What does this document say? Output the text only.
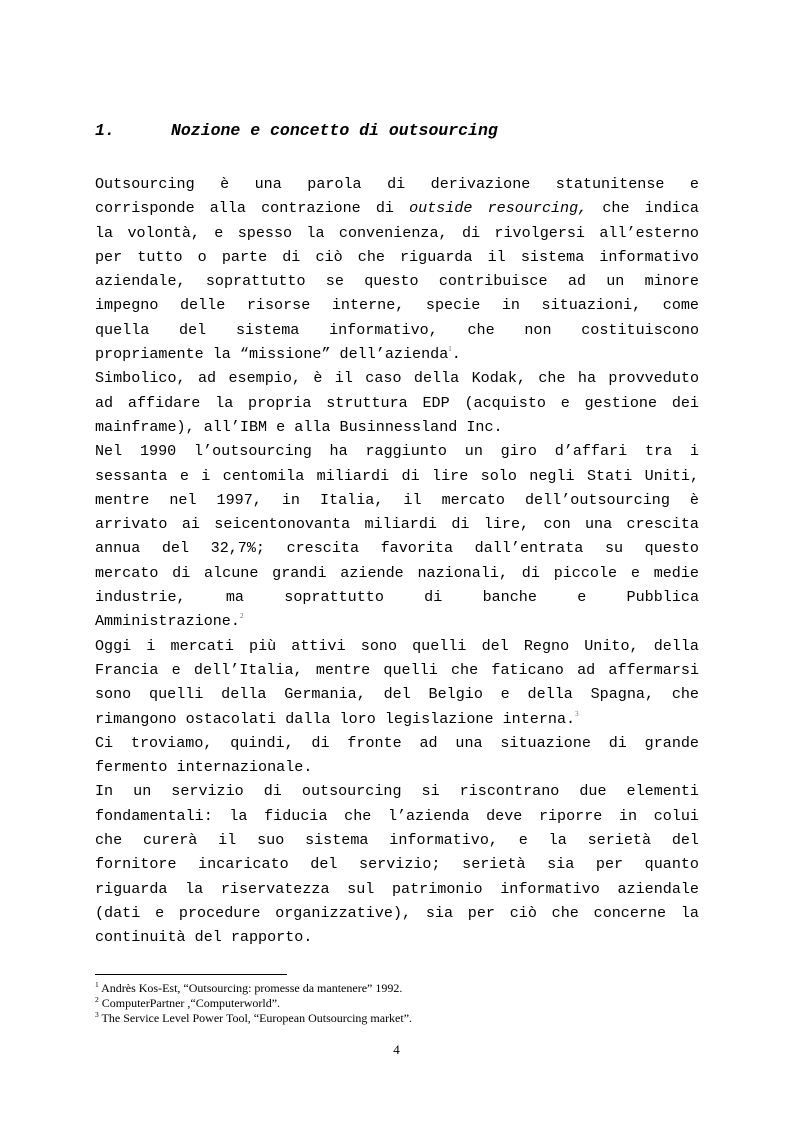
1.	Nozione e concetto di outsourcing
Outsourcing è una parola di derivazione statunitense e
corrisponde alla contrazione di outside resourcing, che indica
la volontà, e spesso la convenienza, di rivolgersi all’esterno
per tutto o parte di ciò che riguarda il sistema informativo
aziendale, soprattutto se questo contribuisce ad un minore
impegno delle risorse interne, specie in situazioni, come
quella del sistema informativo, che non costituiscono
propriamente la “missione” dell’azienda$^1$.
Simbolico, ad esempio, è il caso della Kodak, che ha provveduto
ad affidare la propria struttura EDP (acquisto e gestione dei
mainframe), all’IBM e alla Businnessland Inc.
Nel 1990 l’outsourcing ha raggiunto un giro d’affari tra i
sessanta e i centomila miliardi di lire solo negli Stati Uniti,
mentre nel 1997, in Italia, il mercato dell’outsourcing è
arrivato ai seicentonovanta miliardi di lire, con una crescita
annua del 32,7%; crescita favorita dall’entrata su questo
mercato di alcune grandi aziende nazionali, di piccole e medie
industrie, ma soprattutto di banche e Pubblica
Amministrazione.$^2$
Oggi i mercati più attivi sono quelli del Regno Unito, della
Francia e dell’Italia, mentre quelli che faticano ad affermarsi
sono quelli della Germania, del Belgio e della Spagna, che
rimangono ostacolati dalla loro legislazione interna.$^3$
Ci troviamo, quindi, di fronte ad una situazione di grande
fermento internazionale.
In un servizio di outsourcing si riscontrano due elementi
fondamentali: la fiducia che l’azienda deve riporre in colui
che curerà il suo sistema informativo, e la serietà del
fornitore incaricato del servizio; serietà sia per quanto
riguarda la riservatezza sul patrimonio informativo aziendale
(dati e procedure organizzative), sia per ciò che concerne la
continuità del rapporto.
$^1$ Andrès Kos-Est, “Outsourcing: promesse da mantenere” 1992.
$^2$ ComputerPartner ,“Computerworld”.
$^3$ The Service Level Power Tool, “European Outsourcing market”.
4
